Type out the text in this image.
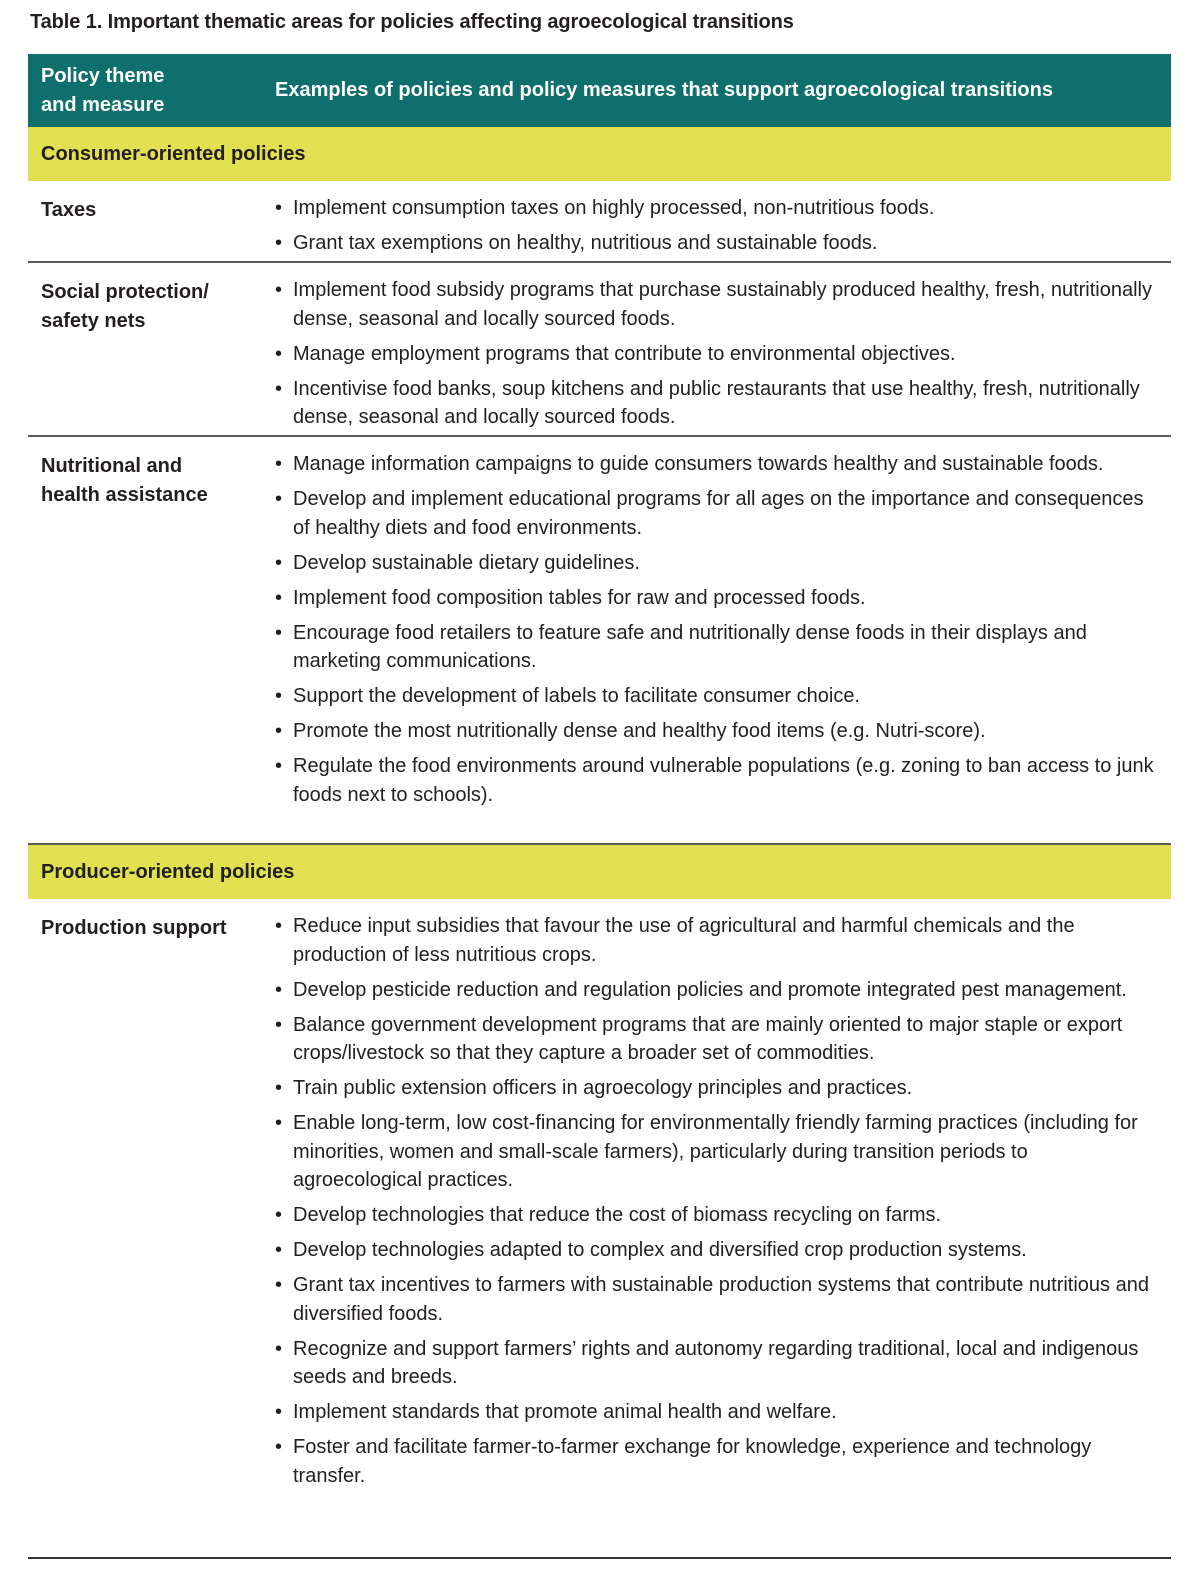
Table 1. Important thematic areas for policies affecting agroecological transitions
Policy theme and measure
Examples of policies and policy measures that support agroecological transitions
Consumer-oriented policies
Taxes	• Implement consumption taxes on highly processed, non-nutritious foods.
• Grant tax exemptions on healthy, nutritious and sustainable foods.
Social protection/ safety nets
• Implement food subsidy programs that purchase sustainably produced healthy, fresh, nutritionally dense, seasonal and locally sourced foods.
• Manage employment programs that contribute to environmental objectives.
• Incentivise food banks, soup kitchens and public restaurants that use healthy, fresh, nutritionally dense, seasonal and locally sourced foods.
Nutritional and health assistance
• Manage information campaigns to guide consumers towards healthy and sustainable foods.
• Develop and implement educational programs for all ages on the importance and consequences of healthy diets and food environments.
• Develop sustainable dietary guidelines.
• Implement food composition tables for raw and processed foods.
• Encourage food retailers to feature safe and nutritionally dense foods in their displays and marketing communications.
• Support the development of labels to facilitate consumer choice.
• Promote the most nutritionally dense and healthy food items (e.g. Nutri-score).
• Regulate the food environments around vulnerable populations (e.g. zoning to ban access to junk foods next to schools).
Producer-oriented policies
Production support	• Reduce input subsidies that favour the use of agricultural and harmful chemicals and the production of less nutritious crops.
• Develop pesticide reduction and regulation policies and promote integrated pest management.
• Balance government development programs that are mainly oriented to major staple or export crops/livestock so that they capture a broader set of commodities.
• Train public extension officers in agroecology principles and practices.
• Enable long-term, low cost-financing for environmentally friendly farming practices (including for minorities, women and small-scale farmers), particularly during transition periods to agroecological practices.
• Develop technologies that reduce the cost of biomass recycling on farms.
• Develop technologies adapted to complex and diversified crop production systems.
• Grant tax incentives to farmers with sustainable production systems that contribute nutritious and diversified foods.
• Recognize and support farmers’ rights and autonomy regarding traditional, local and indigenous seeds and breeds.
• Implement standards that promote animal health and welfare.
• Foster and facilitate farmer-to-farmer exchange for knowledge, experience and technology transfer.
